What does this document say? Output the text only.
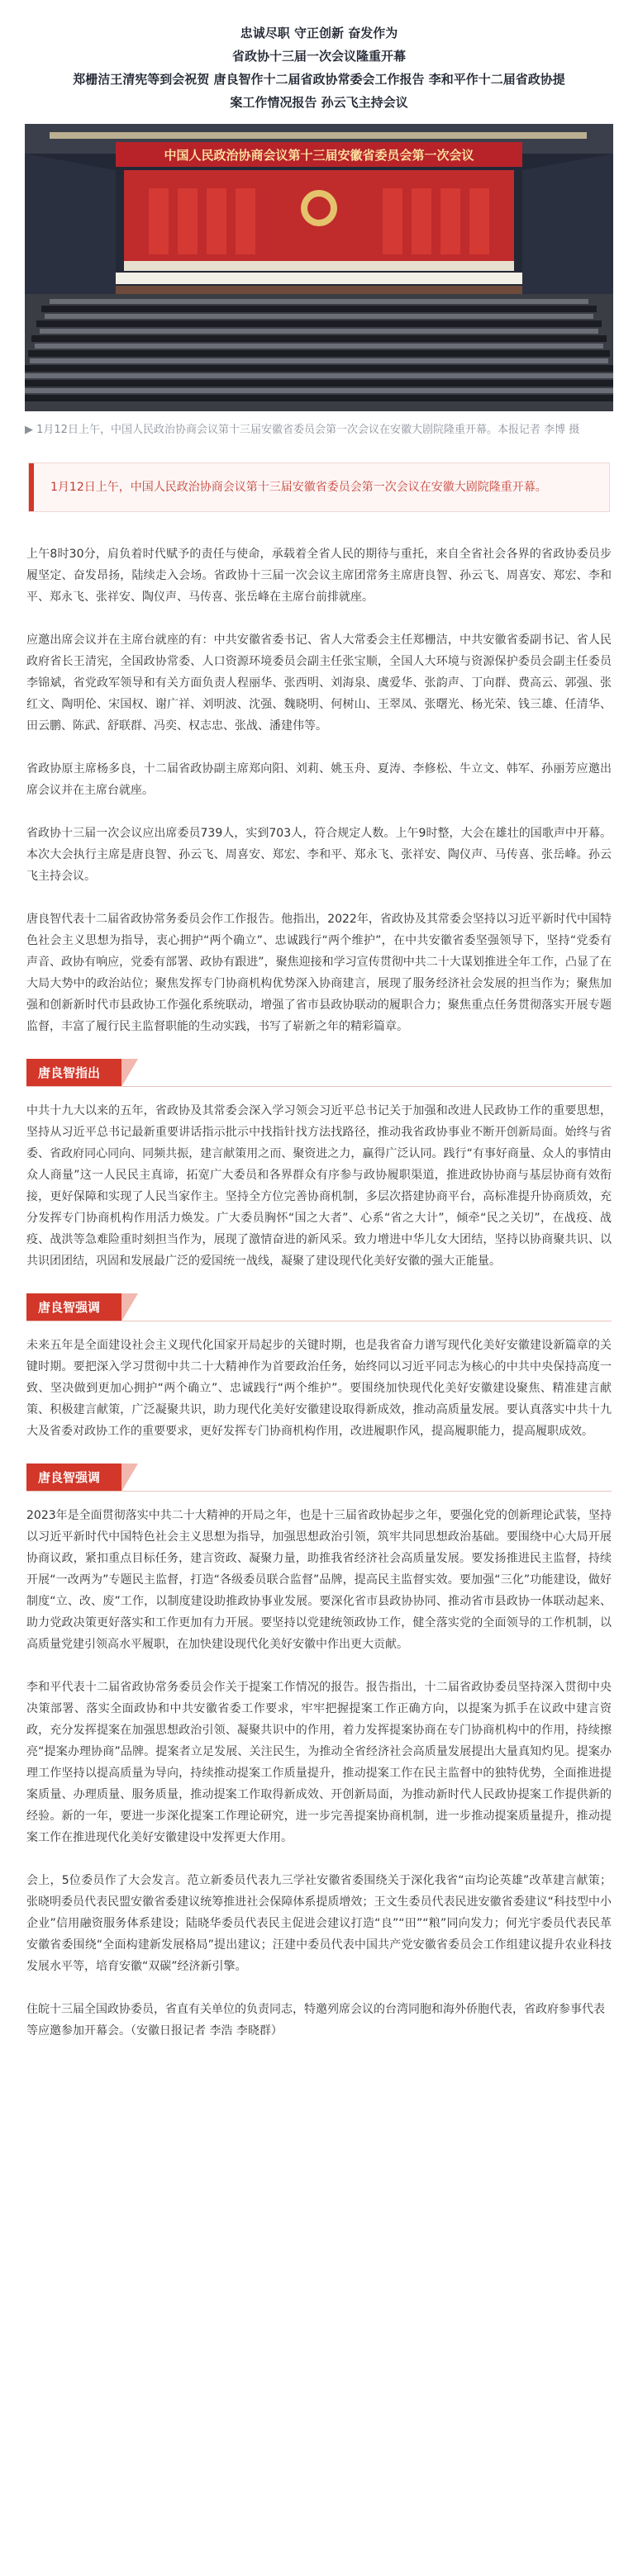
忠诚尽职 守正创新 奋发作为
省政协十三届一次会议隆重开幕
郑栅洁王清宪等到会祝贺 唐良智作十二届省政协常委会工作报告 李和平作十二届省政协提
案工作情况报告 孙云飞主持会议
中国人民政治协商会议第十三届安徽省委员会第一次会议
▶ 1月12日上午，中国人民政治协商会议第十三届安徽省委员会第一次会议在安徽大剧院隆重开幕。本报记者 李博 摄

1月12日上午，中国人民政治协商会议第十三届安徽省委员会第一次会议在安徽大剧院隆重开幕。

上午8时30分，肩负着时代赋予的责任与使命，承载着全省人民的期待与重托，来自全省社会各界的省政协委员步履坚定、奋发昂扬，陆续走入会场。省政协十三届一次会议主席团常务主席唐良智、孙云飞、周喜安、郑宏、李和平、郑永飞、张祥安、陶仪声、马传喜、张岳峰在主席台前排就座。

应邀出席会议并在主席台就座的有：中共安徽省委书记、省人大常委会主任郑栅洁，中共安徽省委副书记、省人民政府省长王清宪，全国政协常委、人口资源环境委员会副主任张宝顺，全国人大环境与资源保护委员会副主任委员李锦斌，省党政军领导和有关方面负责人程丽华、张西明、刘海泉、虞爱华、张韵声、丁向群、费高云、郭强、张红文、陶明伦、宋国权、谢广祥、刘明波、沈强、魏晓明、何树山、王翠凤、张曙光、杨光荣、钱三雄、任清华、田云鹏、陈武、舒联群、冯奕、权志忠、张战、潘建伟等。

省政协原主席杨多良，十二届省政协副主席郑向阳、刘莉、姚玉舟、夏涛、李修松、牛立文、韩军、孙丽芳应邀出席会议并在主席台就座。

省政协十三届一次会议应出席委员739人，实到703人，符合规定人数。上午9时整，大会在雄壮的国歌声中开幕。本次大会执行主席是唐良智、孙云飞、周喜安、郑宏、李和平、郑永飞、张祥安、陶仪声、马传喜、张岳峰。孙云飞主持会议。

唐良智代表十二届省政协常务委员会作工作报告。他指出，2022年，省政协及其常委会坚持以习近平新时代中国特色社会主义思想为指导，衷心拥护“两个确立”、忠诚践行“两个维护”，在中共安徽省委坚强领导下，坚持“党委有声音、政协有响应，党委有部署、政协有跟进”，聚焦迎接和学习宣传贯彻中共二十大谋划推进全年工作，凸显了在大局大势中的政治站位；聚焦发挥专门协商机构优势深入协商建言，展现了服务经济社会发展的担当作为；聚焦加强和创新新时代市县政协工作强化系统联动，增强了省市县政协联动的履职合力；聚焦重点任务贯彻落实开展专题监督，丰富了履行民主监督职能的生动实践，书写了崭新之年的精彩篇章。

唐良智指出

中共十九大以来的五年，省政协及其常委会深入学习领会习近平总书记关于加强和改进人民政协工作的重要思想，坚持从习近平总书记最新重要讲话指示批示中找指针找方法找路径，推动我省政协事业不断开创新局面。始终与省委、省政府同心同向、同频共振，建言献策用之而、聚资进之力，赢得广泛认同。践行“有事好商量、众人的事情由众人商量”这一人民民主真谛，拓宽广大委员和各界群众有序参与政协履职渠道，推进政协协商与基层协商有效衔接，更好保障和实现了人民当家作主。坚持全方位完善协商机制，多层次搭建协商平台，高标准提升协商质效，充分发挥专门协商机构作用活力焕发。广大委员胸怀“国之大者”、心系“省之大计”，倾牵“民之关切”，在战疫、战疫、战洪等急难险重时刻担当作为，展现了激情奋进的新风采。致力增进中华儿女大团结，坚持以协商聚共识、以共识团团结，巩固和发展最广泛的爱国统一战线，凝聚了建设现代化美好安徽的强大正能量。

唐良智强调

未来五年是全面建设社会主义现代化国家开局起步的关键时期，也是我省奋力谱写现代化美好安徽建设新篇章的关键时期。要把深入学习贯彻中共二十大精神作为首要政治任务，始终同以习近平同志为核心的中共中央保持高度一致、坚决做到更加心拥护“两个确立”、忠诚践行“两个维护”。要围绕加快现代化美好安徽建设聚焦、精准建言献策、积极建言献策，广泛凝聚共识，助力现代化美好安徽建设取得新成效，推动高质量发展。要认真落实中共十九大及省委对政协工作的重要要求，更好发挥专门协商机构作用，改进履职作风，提高履职能力，提高履职成效。

唐良智强调

2023年是全面贯彻落实中共二十大精神的开局之年，也是十三届省政协起步之年，要强化党的创新理论武装，坚持以习近平新时代中国特色社会主义思想为指导，加强思想政治引领，筑牢共同思想政治基础。要围绕中心大局开展协商议政，紧扣重点目标任务，建言资政、凝聚力量，助推我省经济社会高质量发展。要发扬推进民主监督，持续开展“一改两为”专题民主监督，打造“各级委员联合监督”品牌，提高民主监督实效。要加强“三化”功能建设，做好制度“立、改、废”工作，以制度建设助推政协事业发展。要深化省市县政协协同、推动省市县政协一体联动起来、助力党政决策更好落实和工作更加有力开展。要坚持以党建统领政协工作，健全落实党的全面领导的工作机制，以高质量党建引领高水平履职，在加快建设现代化美好安徽中作出更大贡献。

李和平代表十二届省政协常务委员会作关于提案工作情况的报告。报告指出，十二届省政协委员坚持深入贯彻中央决策部署、落实全面政协和中共安徽省委工作要求，牢牢把握提案工作正确方向，以提案为抓手在议政中建言资政，充分发挥提案在加强思想政治引领、凝聚共识中的作用，着力发挥提案协商在专门协商机构中的作用，持续擦亮“提案办理协商”品牌。提案者立足发展、关注民生，为推动全省经济社会高质量发展提出大量真知灼见。提案办理工作坚持以提高质量为导向，持续推动提案工作质量提升，推动提案工作在民主监督中的独特优势，全面推进提案质量、办理质量、服务质量，推动提案工作取得新成效、开创新局面，为推动新时代人民政协提案工作提供新的经验。新的一年，要进一步深化提案工作理论研究，进一步完善提案协商机制，进一步推动提案质量提升，推动提案工作在推进现代化美好安徽建设中发挥更大作用。

会上，5位委员作了大会发言。范立新委员代表九三学社安徽省委围绕关于深化我省“亩均论英雄”改革建言献策；张晓明委员代表民盟安徽省委建议统筹推进社会保障体系提质增效；王文生委员代表民进安徽省委建议“科技型中小企业”信用融资服务体系建设；陆晓华委员代表民主促进会建议打造“良”“田”“粮”同向发力；何光宇委员代表民革安徽省委围绕“全面构建新发展格局”提出建议；汪建中委员代表中国共产党安徽省委员会工作组建议提升农业科技发展水平等，培育安徽“双碳”经济新引擎。

住皖十三届全国政协委员，省直有关单位的负责同志，特邀列席会议的台湾同胞和海外侨胞代表，省政府参事代表等应邀参加开幕会。（安徽日报记者 李浩 李晓群）
